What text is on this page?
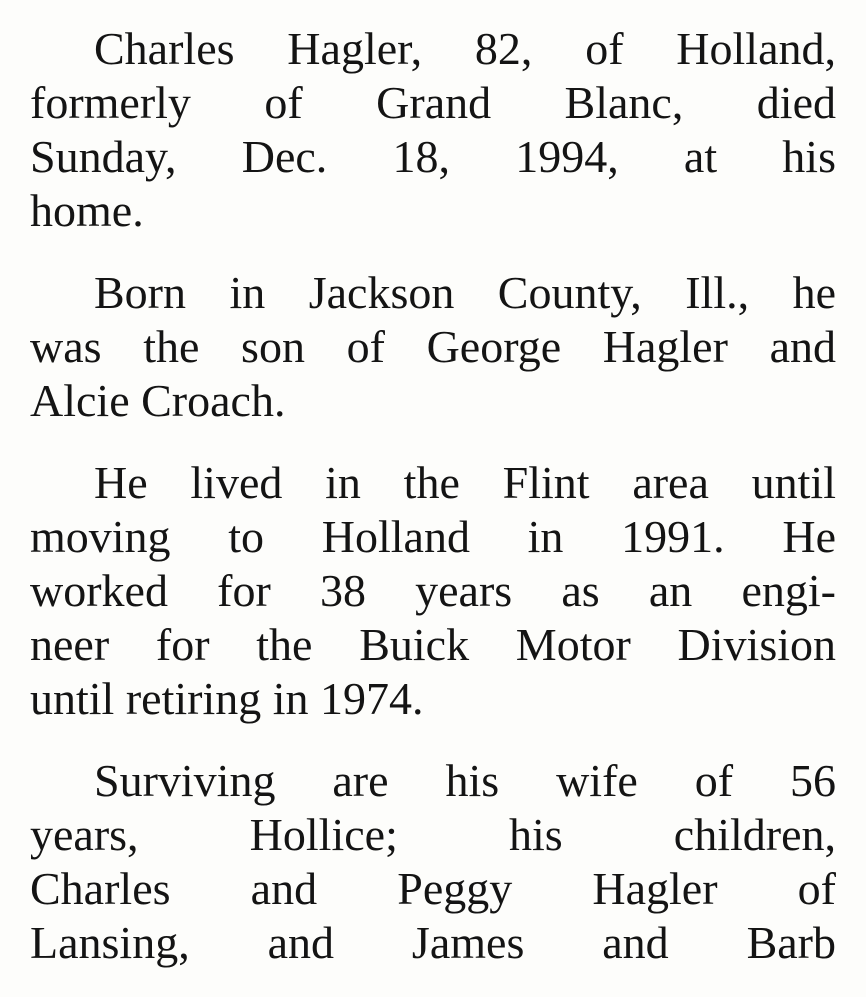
Charles Hagler, 82, of Holland,
formerly of Grand Blanc, died
Sunday, Dec. 18, 1994, at his
home.

Born in Jackson County, Ill., he
was the son of George Hagler and
Alcie Croach.

He lived in the Flint area until
moving to Holland in 1991. He
worked for 38 years as an engi-
neer for the Buick Motor Division
until retiring in 1974.

Surviving are his wife of 56
years, Hollice; his children,
Charles and Peggy Hagler of
Lansing, and James and Barb
